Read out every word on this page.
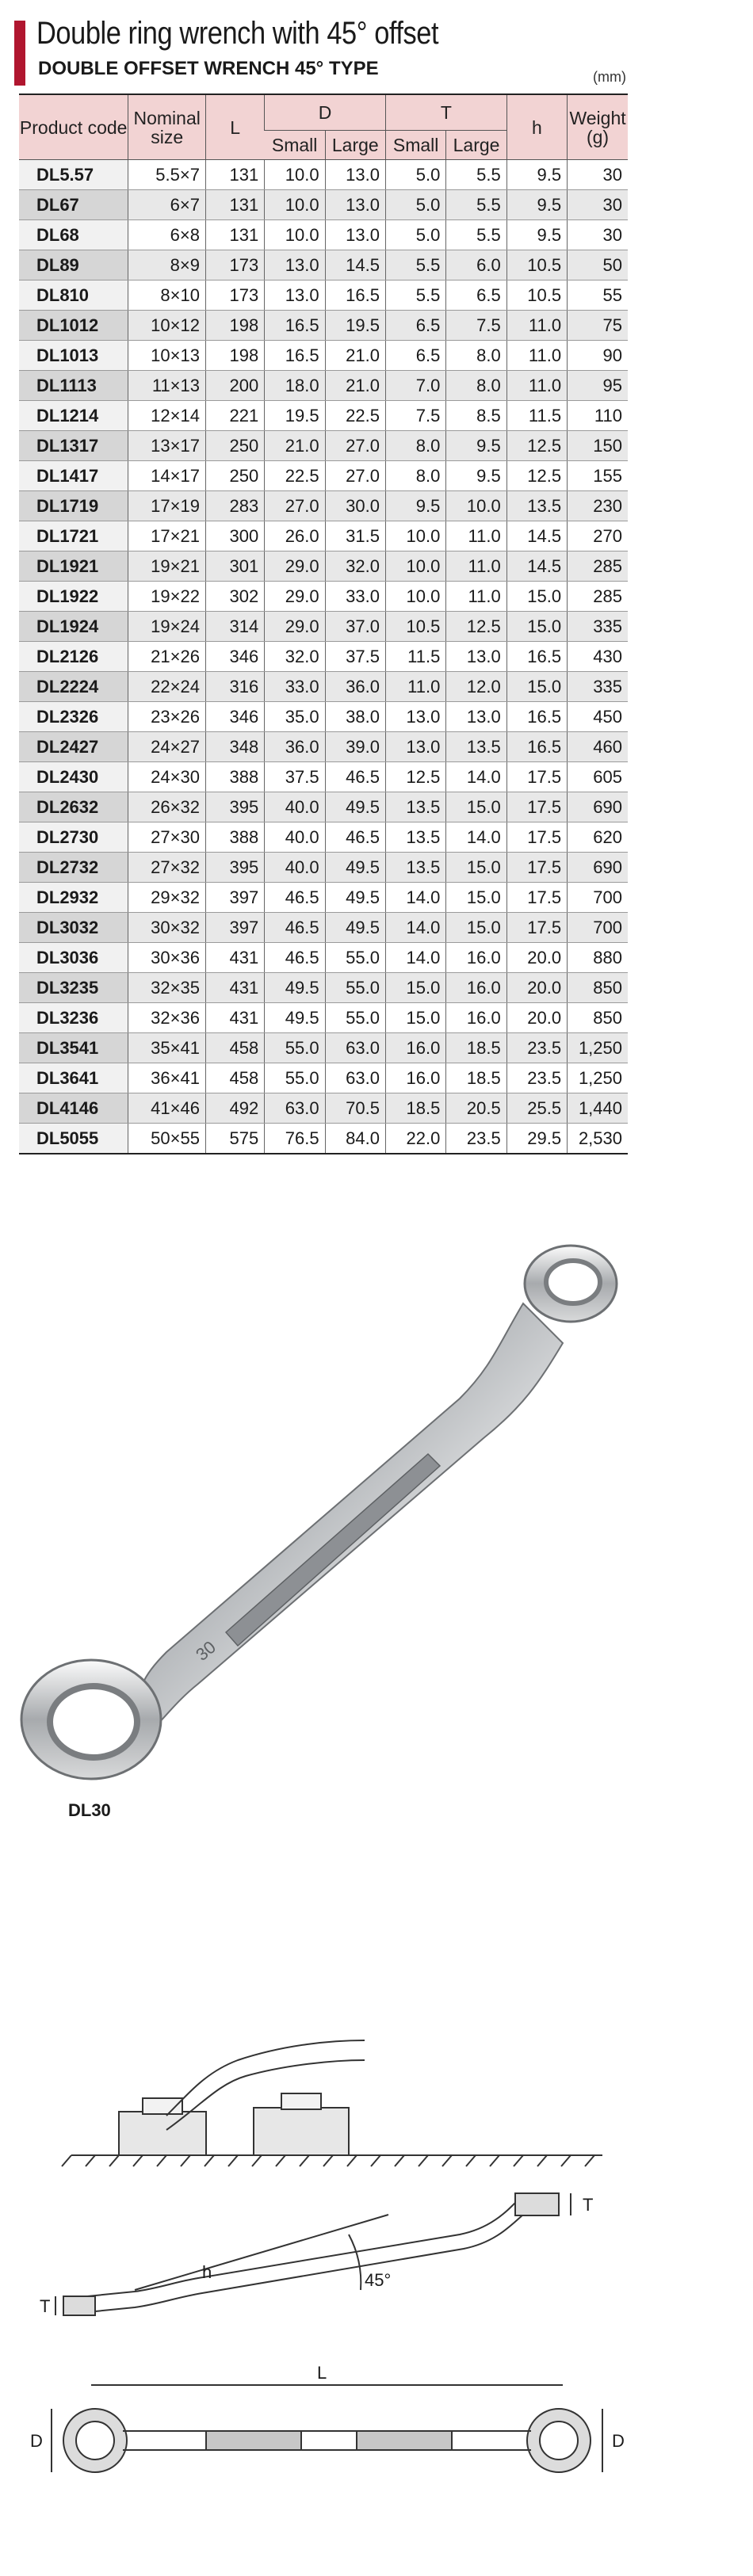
Double ring wrench with 45° offset
DOUBLE OFFSET WRENCH 45° TYPE	(mm)
Product code	Nominal size	L	D		T		h	Weight (g)
			Small	Large	Small	Large		
DL5.57	5.5×7	131	10.0	13.0	5.0	5.5	9.5	30
DL67	6×7	131	10.0	13.0	5.0	5.5	9.5	30
DL68	6×8	131	10.0	13.0	5.0	5.5	9.5	30
DL89	8×9	173	13.0	14.5	5.5	6.0	10.5	50
DL810	8×10	173	13.0	16.5	5.5	6.5	10.5	55
DL1012	10×12	198	16.5	19.5	6.5	7.5	11.0	75
DL1013	10×13	198	16.5	21.0	6.5	8.0	11.0	90
DL1113	11×13	200	18.0	21.0	7.0	8.0	11.0	95
DL1214	12×14	221	19.5	22.5	7.5	8.5	11.5	110
DL1317	13×17	250	21.0	27.0	8.0	9.5	12.5	150
DL1417	14×17	250	22.5	27.0	8.0	9.5	12.5	155
DL1719	17×19	283	27.0	30.0	9.5	10.0	13.5	230
DL1721	17×21	300	26.0	31.5	10.0	11.0	14.5	270
DL1921	19×21	301	29.0	32.0	10.0	11.0	14.5	285
DL1922	19×22	302	29.0	33.0	10.0	11.0	15.0	285
DL1924	19×24	314	29.0	37.0	10.5	12.5	15.0	335
DL2126	21×26	346	32.0	37.5	11.5	13.0	16.5	430
DL2224	22×24	316	33.0	36.0	11.0	12.0	15.0	335
DL2326	23×26	346	35.0	38.0	13.0	13.0	16.5	450
DL2427	24×27	348	36.0	39.0	13.0	13.5	16.5	460
DL2430	24×30	388	37.5	46.5	12.5	14.0	17.5	605
DL2632	26×32	395	40.0	49.5	13.5	15.0	17.5	690
DL2730	27×30	388	40.0	46.5	13.5	14.0	17.5	620
DL2732	27×32	395	40.0	49.5	13.5	15.0	17.5	690
DL2932	29×32	397	46.5	49.5	14.0	15.0	17.5	700
DL3032	30×32	397	46.5	49.5	14.0	15.0	17.5	700
DL3036	30×36	431	46.5	55.0	14.0	16.0	20.0	880
DL3235	32×35	431	49.5	55.0	15.0	16.0	20.0	850
DL3236	32×36	431	49.5	55.0	15.0	16.0	20.0	850
DL3541	35×41	458	55.0	63.0	16.0	18.5	23.5	1,250
DL3641	36×41	458	55.0	63.0	16.0	18.5	23.5	1,250
DL4146	41×46	492	63.0	70.5	18.5	20.5	25.5	1,440
DL5055	50×55	575	76.5	84.0	22.0	23.5	29.5	2,530
30
DL30
T
T
h	45°
L
D	D
